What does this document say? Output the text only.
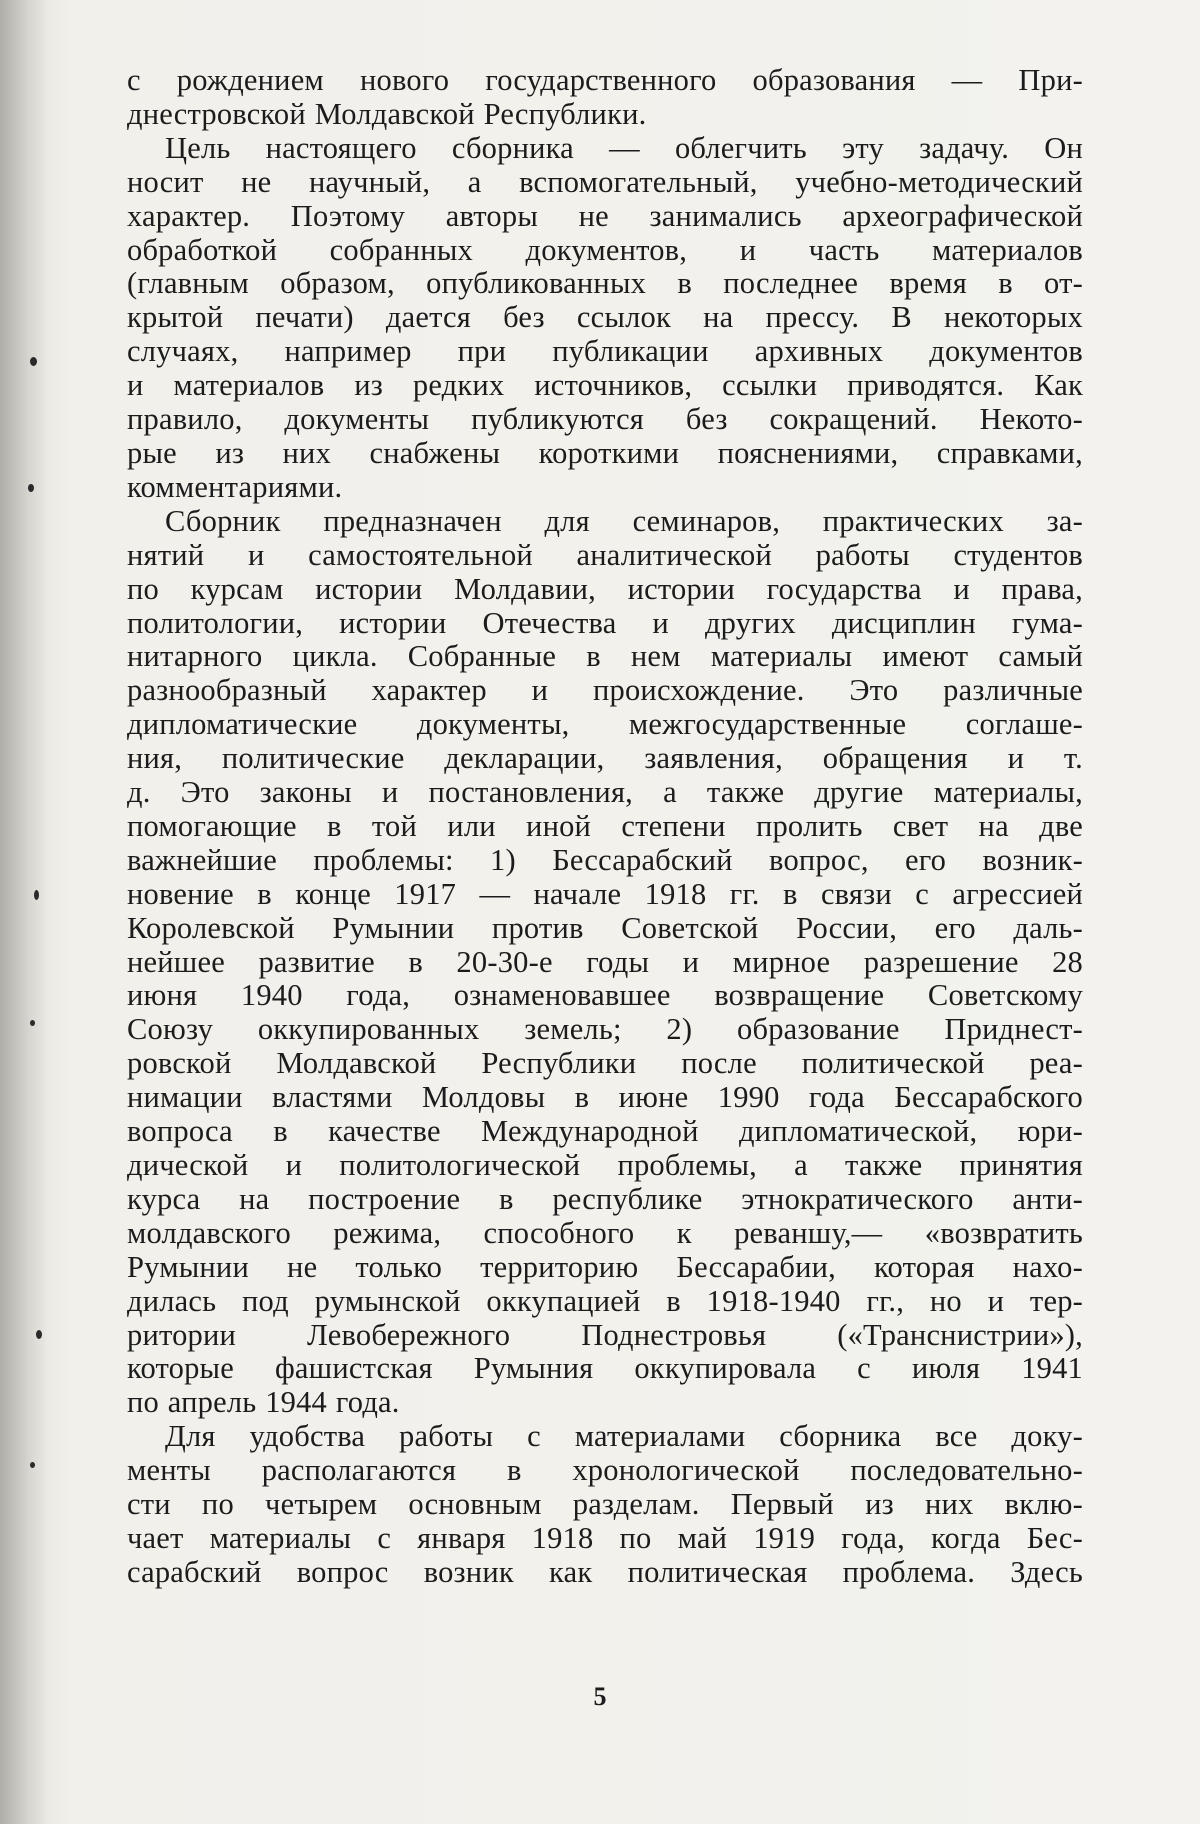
с рождением нового государственного образования — При-
днестровской Молдавской Республики.

Цель настоящего сборника — облегчить эту задачу. Он
носит не научный, а вспомогательный, учебно-методический
характер. Поэтому авторы не занимались археографической
обработкой собранных документов, и часть материалов
(главным образом, опубликованных в последнее время в от-
крытой печати) дается без ссылок на прессу. В некоторых
случаях, например при публикации архивных документов
и материалов из редких источников, ссылки приводятся. Как
правило, документы публикуются без сокращений. Некото-
рые из них снабжены короткими пояснениями, справками,
комментариями.

Сборник предназначен для семинаров, практических за-
нятий и самостоятельной аналитической работы студентов
по курсам истории Молдавии, истории государства и права,
политологии, истории Отечества и других дисциплин гума-
нитарного цикла. Собранные в нем материалы имеют самый
разнообразный характер и происхождение. Это различные
дипломатические документы, межгосударственные соглаше-
ния, политические декларации, заявления, обращения и т.
д. Это законы и постановления, а также другие материалы,
помогающие в той или иной степени пролить свет на две
важнейшие проблемы: 1) Бессарабский вопрос, его возник-
новение в конце 1917 — начале 1918 гг. в связи с агрессией
Королевской Румынии против Советской России, его даль-
нейшее развитие в 20-30-е годы и мирное разрешение 28
июня 1940 года, ознаменовавшее возвращение Советскому
Союзу оккупированных земель; 2) образование Приднест-
ровской Молдавской Республики после политической реа-
нимации властями Молдовы в июне 1990 года Бессарабского
вопроса в качестве Международной дипломатической, юри-
дической и политологической проблемы, а также принятия
курса на построение в республике этнократического анти-
молдавского режима, способного к реваншу,— «возвратить
Румынии не только территорию Бессарабии, которая нахо-
дилась под румынской оккупацией в 1918-1940 гг., но и тер-
ритории Левобережного Поднестровья («Транснистрии»),
которые фашистская Румыния оккупировала с июля 1941
по апрель 1944 года.

Для удобства работы с материалами сборника все доку-
менты располагаются в хронологической последовательно-
сти по четырем основным разделам. Первый из них вклю-
чает материалы с января 1918 по май 1919 года, когда Бес-
сарабский вопрос возник как политическая проблема. Здесь

5
